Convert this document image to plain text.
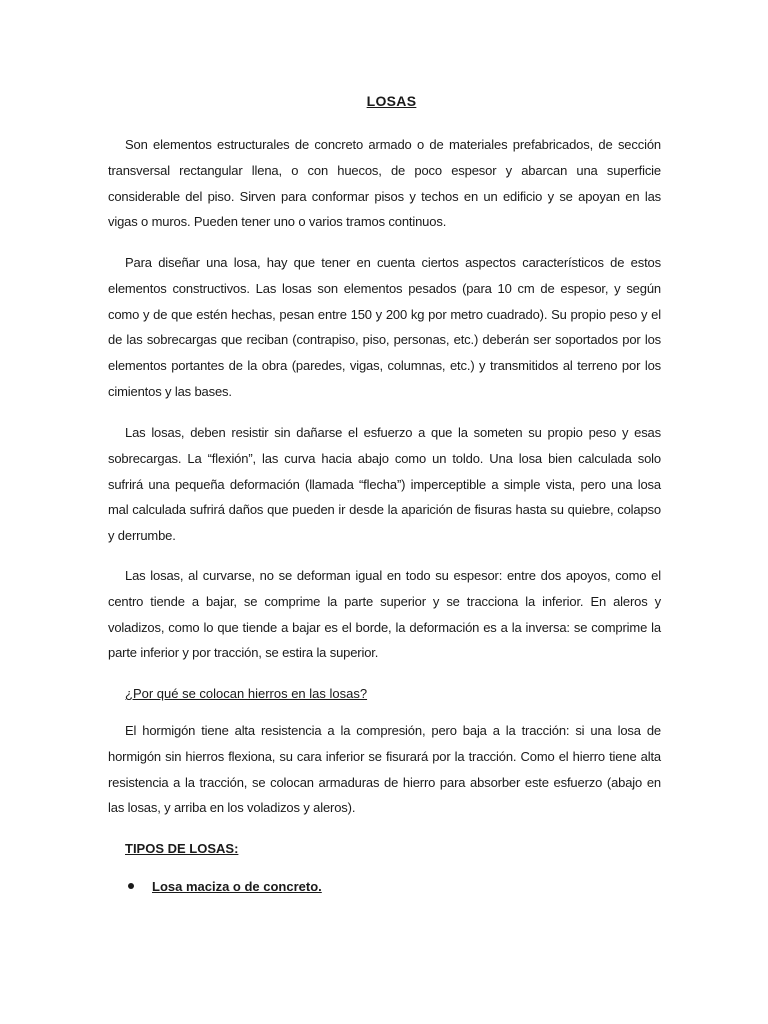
LOSAS

Son elementos estructurales de concreto armado o de materiales prefabricados, de sección transversal rectangular llena, o con huecos, de poco espesor y abarcan una superficie considerable del piso. Sirven para conformar pisos y techos en un edificio y se apoyan en las vigas o muros. Pueden tener uno o varios tramos continuos.

Para diseñar una losa, hay que tener en cuenta ciertos aspectos característicos de estos elementos constructivos. Las losas son elementos pesados (para 10 cm de espesor, y según como y de que estén hechas, pesan entre 150 y 200 kg por metro cuadrado). Su propio peso y el de las sobrecargas que reciban (contrapiso, piso, personas, etc.) deberán ser soportados por los elementos portantes de la obra (paredes, vigas, columnas, etc.) y transmitidos al terreno por los cimientos y las bases.

Las losas, deben resistir sin dañarse el esfuerzo a que la someten su propio peso y esas sobrecargas. La “flexión”, las curva hacia abajo como un toldo. Una losa bien calculada solo sufrirá una pequeña deformación (llamada “flecha”) imperceptible a simple vista, pero una losa mal calculada sufrirá daños que pueden ir desde la aparición de fisuras hasta su quiebre, colapso y derrumbe.

Las losas, al curvarse, no se deforman igual en todo su espesor: entre dos apoyos, como el centro tiende a bajar, se comprime la parte superior y se tracciona la inferior. En aleros y voladizos, como lo que tiende a bajar es el borde, la deformación es a la inversa: se comprime la parte inferior y por tracción, se estira la superior.

¿Por qué se colocan hierros en las losas?

El hormigón tiene alta resistencia a la compresión, pero baja a la tracción: si una losa de hormigón sin hierros flexiona, su cara inferior se fisurará por la tracción. Como el hierro tiene alta resistencia a la tracción, se colocan armaduras de hierro para absorber este esfuerzo (abajo en las losas, y arriba en los voladizos y aleros).

TIPOS DE LOSAS:

Losa maciza o de concreto.
